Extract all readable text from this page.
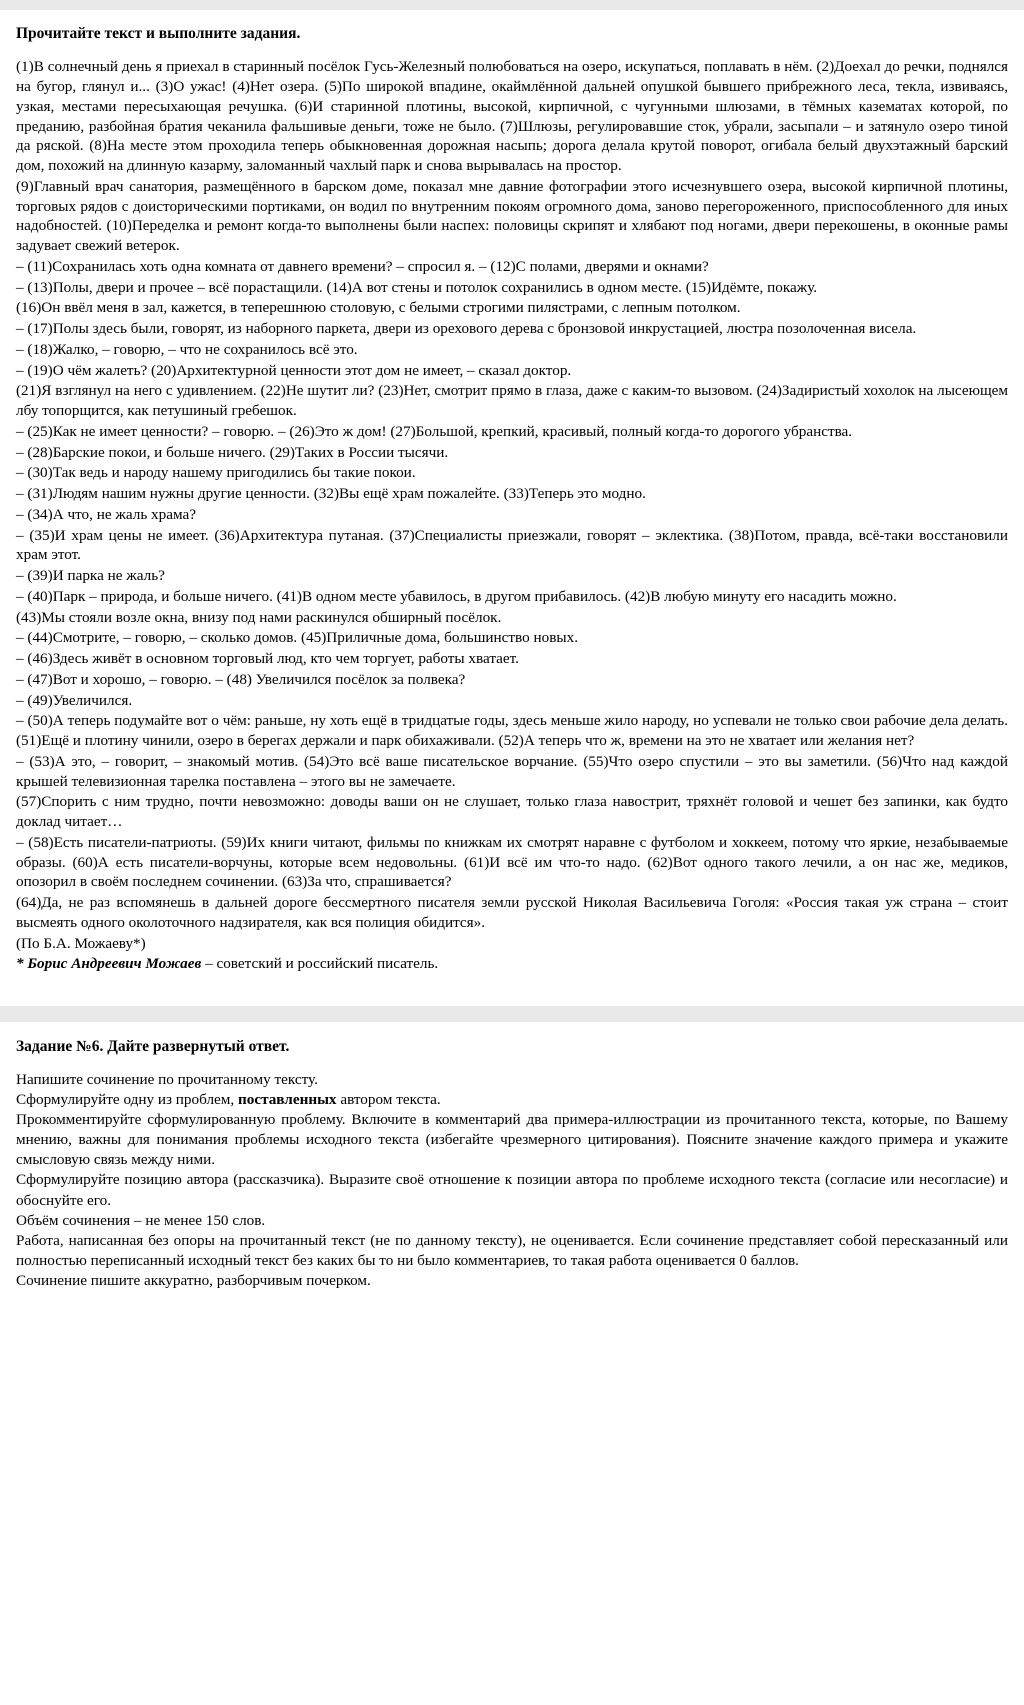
Прочитайте текст и выполните задания.

(1)В солнечный день я приехал в старинный посёлок Гусь-Железный полюбоваться на озеро, искупаться, поплавать в нём. (2)Доехал до речки, поднялся на бугор, глянул и... (3)О ужас! (4)Нет озера. (5)По широкой впадине, окаймлённой дальней опушкой бывшего прибрежного леса, текла, извиваясь, узкая, местами пересыхающая речушка. (6)И старинной плотины, высокой, кирпичной, с чугунными шлюзами, в тёмных казематах которой, по преданию, разбойная братия чеканила фальшивые деньги, тоже не было. (7)Шлюзы, регулировавшие сток, убрали, засыпали – и затянуло озеро тиной да ряской. (8)На месте этом проходила теперь обыкновенная дорожная насыпь; дорога делала крутой поворот, огибала белый двухэтажный барский дом, похожий на длинную казарму, заломанный чахлый парк и снова вырывалась на простор.

(9)Главный врач санатория, размещённого в барском доме, показал мне давние фотографии этого исчезнувшего озера, высокой кирпичной плотины, торговых рядов с доисторическими портиками, он водил по внутренним покоям огромного дома, заново перегороженного, приспособленного для иных надобностей. (10)Переделка и ремонт когда-то выполнены были наспех: половицы скрипят и хлябают под ногами, двери перекошены, в оконные рамы задувает свежий ветерок.

– (11)Сохранилась хоть одна комната от давнего времени? – спросил я. – (12)С полами, дверями и окнами?

– (13)Полы, двери и прочее – всё порастащили. (14)А вот стены и потолок сохранились в одном месте. (15)Идёмте, покажу.

(16)Он ввёл меня в зал, кажется, в теперешнюю столовую, с белыми строгими пилястрами, с лепным потолком.

– (17)Полы здесь были, говорят, из наборного паркета, двери из орехового дерева с бронзовой инкрустацией, люстра позолоченная висела.

– (18)Жалко, – говорю, – что не сохранилось всё это.

– (19)О чём жалеть? (20)Архитектурной ценности этот дом не имеет, – сказал доктор.

(21)Я взглянул на него с удивлением. (22)Не шутит ли? (23)Нет, смотрит прямо в глаза, даже с каким-то вызовом. (24)Задиристый хохолок на лысеющем лбу топорщится, как петушиный гребешок.

– (25)Как не имеет ценности? – говорю. – (26)Это ж дом! (27)Большой, крепкий, красивый, полный когда-то дорогого убранства.

– (28)Барские покои, и больше ничего. (29)Таких в России тысячи.

– (30)Так ведь и народу нашему пригодились бы такие покои.

– (31)Людям нашим нужны другие ценности. (32)Вы ещё храм пожалейте. (33)Теперь это модно.

– (34)А что, не жаль храма?

– (35)И храм цены не имеет. (36)Архитектура путаная. (37)Специалисты приезжали, говорят – эклектика. (38)Потом, правда, всё-таки восстановили храм этот.

– (39)И парка не жаль?

– (40)Парк – природа, и больше ничего. (41)В одном месте убавилось, в другом прибавилось. (42)В любую минуту его насадить можно.

(43)Мы стояли возле окна, внизу под нами раскинулся обширный посёлок.

– (44)Смотрите, – говорю, – сколько домов. (45)Приличные дома, большинство новых.

– (46)Здесь живёт в основном торговый люд, кто чем торгует, работы хватает.

– (47)Вот и хорошо, – говорю. – (48) Увеличился посёлок за полвека?

– (49)Увеличился.

– (50)А теперь подумайте вот о чём: раньше, ну хоть ещё в тридцатые годы, здесь меньше жило народу, но успевали не только свои рабочие дела делать. (51)Ещё и плотину чинили, озеро в берегах держали и парк обихаживали. (52)А теперь что ж, времени на это не хватает или желания нет?

– (53)А это, – говорит, – знакомый мотив. (54)Это всё ваше писательское ворчание. (55)Что озеро спустили – это вы заметили. (56)Что над каждой крышей телевизионная тарелка поставлена – этого вы не замечаете.

(57)Спорить с ним трудно, почти невозможно: доводы ваши он не слушает, только глаза навострит, тряхнёт головой и чешет без запинки, как будто доклад читает…

– (58)Есть писатели-патриоты. (59)Их книги читают, фильмы по книжкам их смотрят наравне с футболом и хоккеем, потому что яркие, незабываемые образы. (60)А есть писатели-ворчуны, которые всем недовольны. (61)И всё им что-то надо. (62)Вот одного такого лечили, а он нас же, медиков, опозорил в своём последнем сочинении. (63)За что, спрашивается?

(64)Да, не раз вспомянешь в дальней дороге бессмертного писателя земли русской Николая Васильевича Гоголя: «Россия такая уж страна – стоит высмеять одного околоточного надзирателя, как вся полиция обидится».

(По Б.А. Можаеву*)
* Борис Андреевич Можаев – советский и российский писатель.
Задание №6. Дайте развернутый ответ.

Напишите сочинение по прочитанному тексту.

Сформулируйте одну из проблем, поставленных автором текста.

Прокомментируйте сформулированную проблему. Включите в комментарий два примера-иллюстрации из прочитанного текста, которые, по Вашему мнению, важны для понимания проблемы исходного текста (избегайте чрезмерного цитирования). Поясните значение каждого примера и укажите смысловую связь между ними.

Сформулируйте позицию автора (рассказчика). Выразите своё отношение к позиции автора по проблеме исходного текста (согласие или несогласие) и обоснуйте его.

Объём сочинения – не менее 150 слов.

Работа, написанная без опоры на прочитанный текст (не по данному тексту), не оценивается. Если сочинение представляет собой пересказанный или полностью переписанный исходный текст без каких бы то ни было комментариев, то такая работа оценивается 0 баллов.

Сочинение пишите аккуратно, разборчивым почерком.
